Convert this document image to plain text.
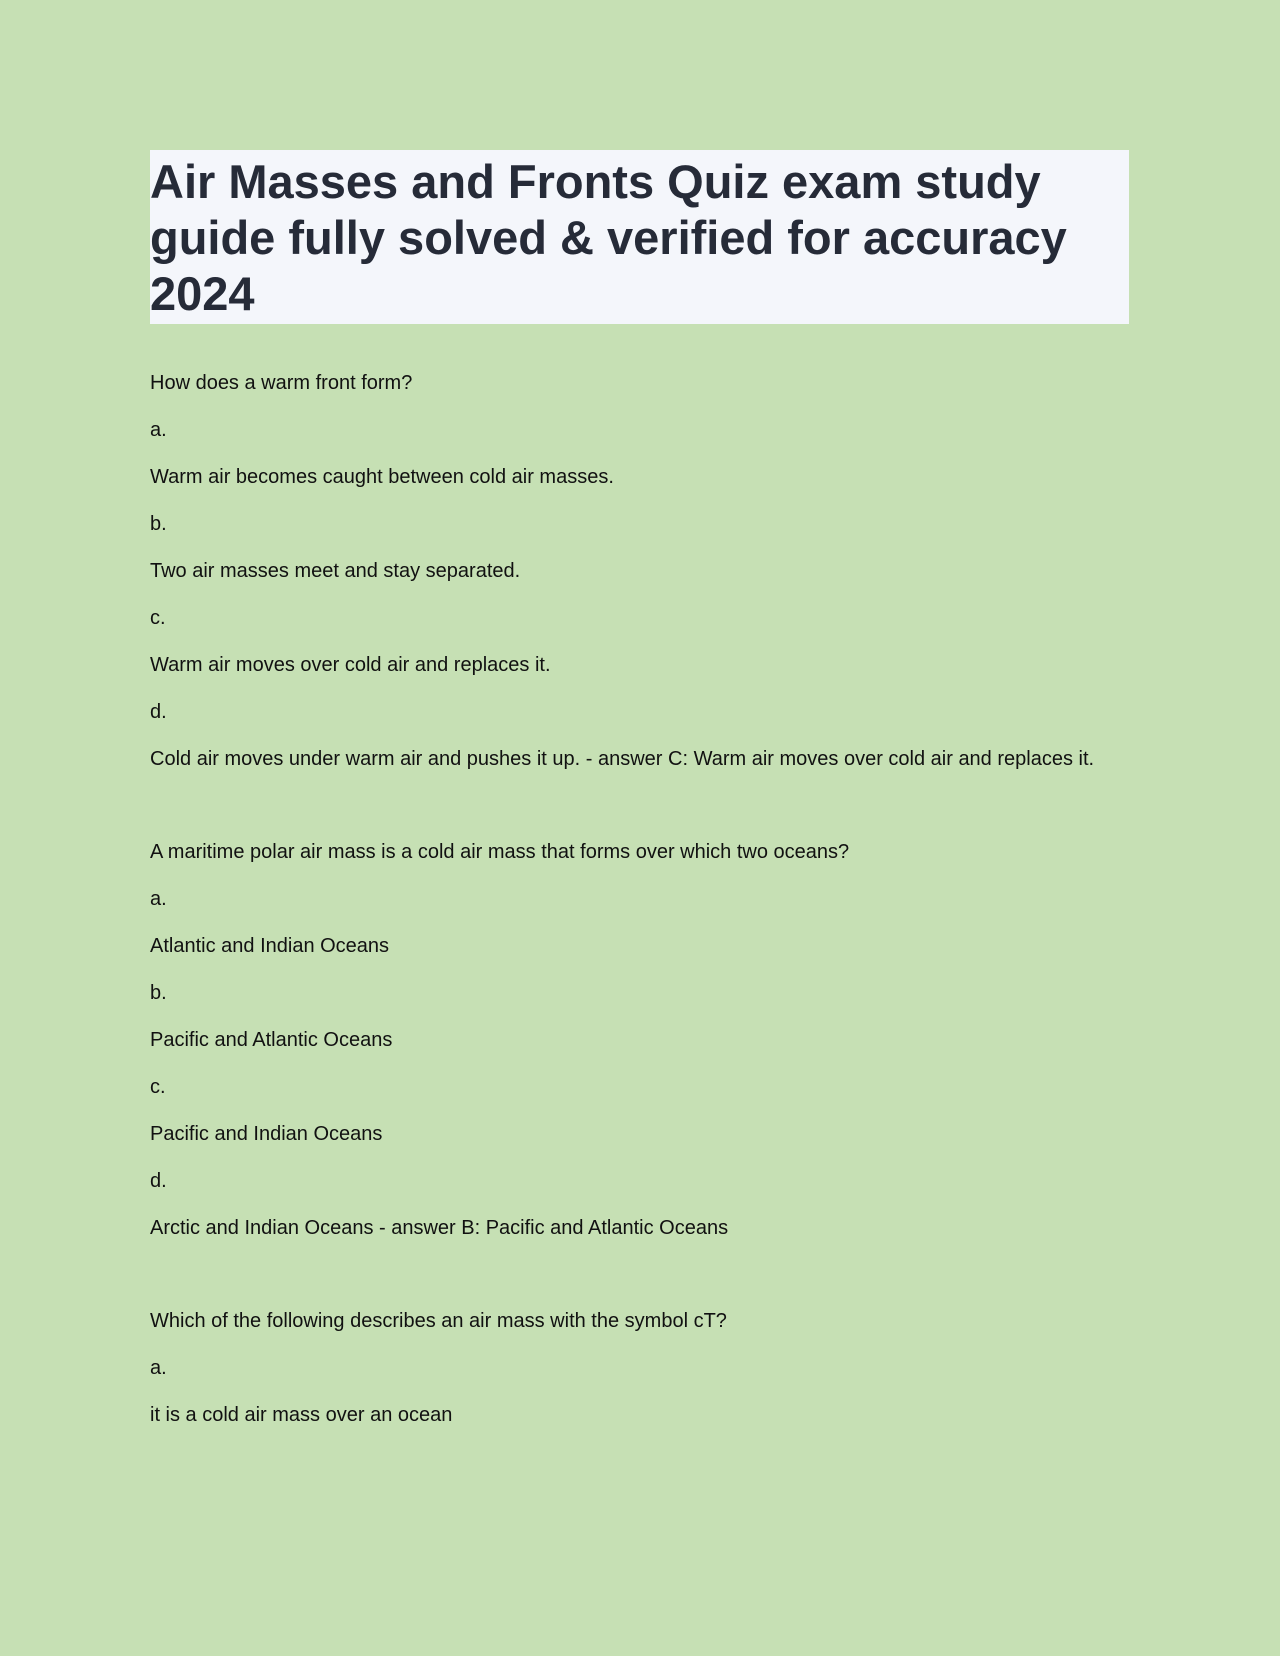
Air Masses and Fronts Quiz exam study guide fully solved & verified for accuracy 2024

How does a warm front form?

a.

Warm air becomes caught between cold air masses.

b.

Two air masses meet and stay separated.

c.

Warm air moves over cold air and replaces it.

d.

Cold air moves under warm air and pushes it up. - answer C: Warm air moves over cold air and replaces it.

A maritime polar air mass is a cold air mass that forms over which two oceans?

a.

Atlantic and Indian Oceans

b.

Pacific and Atlantic Oceans

c.

Pacific and Indian Oceans

d.

Arctic and Indian Oceans - answer B: Pacific and Atlantic Oceans

Which of the following describes an air mass with the symbol cT?

a.

it is a cold air mass over an ocean
